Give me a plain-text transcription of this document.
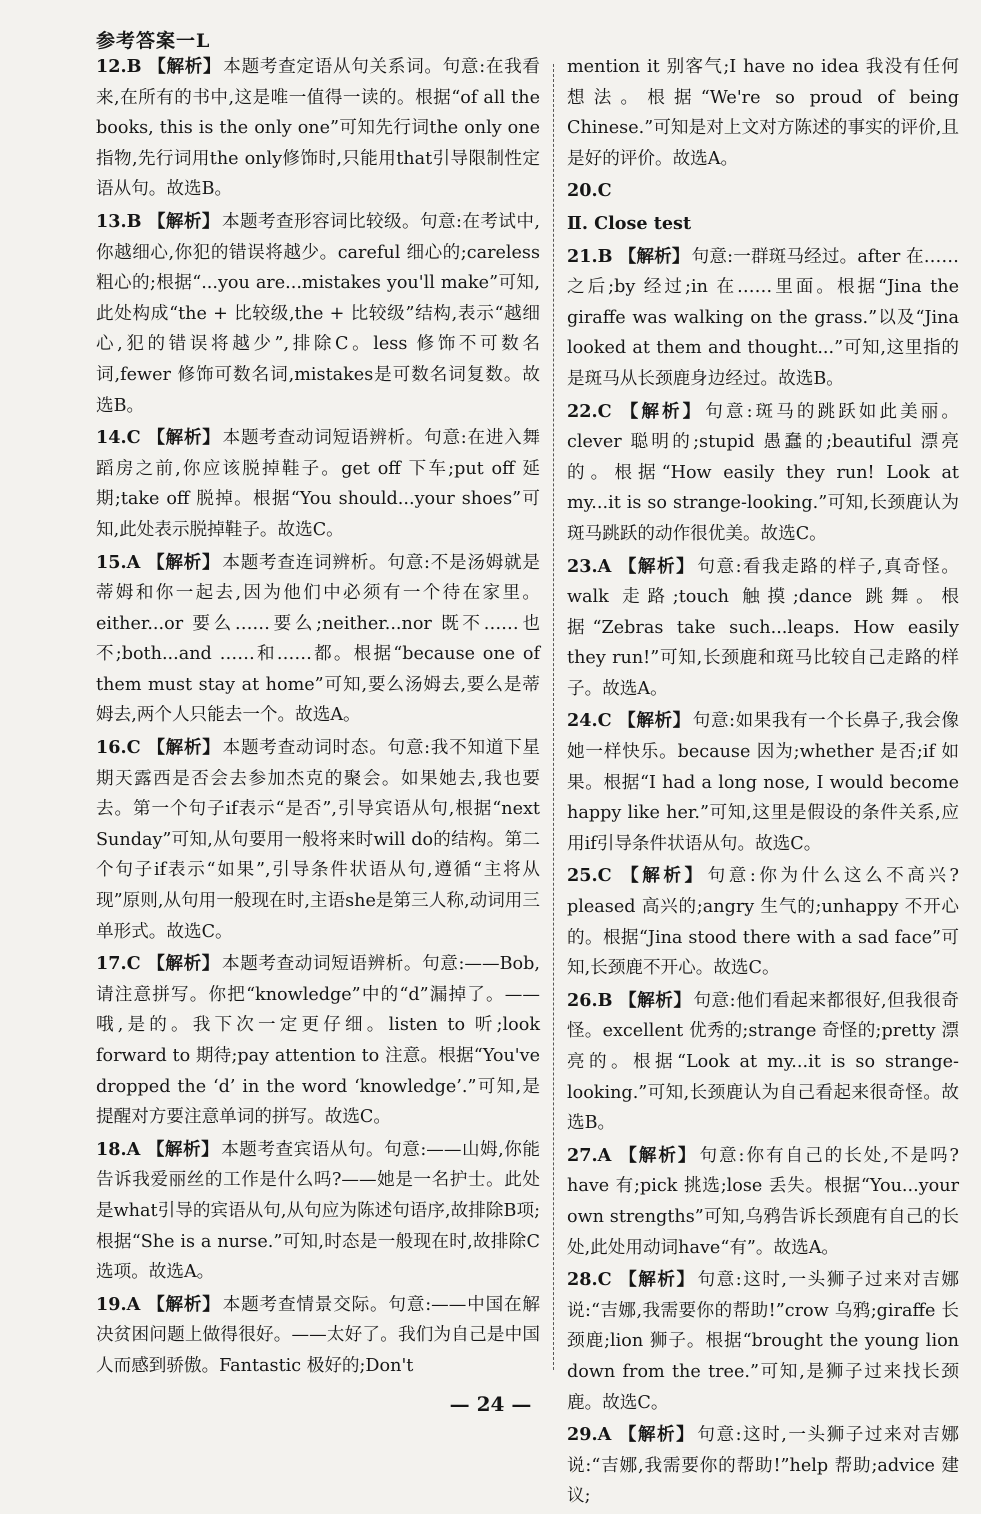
参考答案一L
12.B 【解析】 本题考查定语从句关系词。句意:在我看来,在所有的书中,这是唯一值得一读的。根据“of all the books, this is the only one”可知先行词the only one指物,先行词用the only修饰时,只能用that引导限制性定语从句。故选B。
13.B 【解析】 本题考查形容词比较级。句意:在考试中,你越细心,你犯的错误将越少。careful 细心的;careless 粗心的;根据“...you are...mistakes you'll make”可知,此处构成“the + 比较级,the + 比较级”结构,表示“越细心,犯的错误将越少”,排除C。less 修饰不可数名词,fewer 修饰可数名词,mistakes是可数名词复数。故选B。
14.C 【解析】 本题考查动词短语辨析。句意:在进入舞蹈房之前,你应该脱掉鞋子。get off 下车;put off 延期;take off 脱掉。根据“You should...your shoes”可知,此处表示脱掉鞋子。故选C。
15.A 【解析】 本题考查连词辨析。句意:不是汤姆就是蒂姆和你一起去,因为他们中必须有一个待在家里。either...or 要么……要么;neither...nor 既不……也不;both...and ……和……都。根据“because one of them must stay at home”可知,要么汤姆去,要么是蒂姆去,两个人只能去一个。故选A。
16.C 【解析】 本题考查动词时态。句意:我不知道下星期天露西是否会去参加杰克的聚会。如果她去,我也要去。第一个句子if表示“是否”,引导宾语从句,根据“next Sunday”可知,从句要用一般将来时will do的结构。第二个句子if表示“如果”,引导条件状语从句,遵循“主将从现”原则,从句用一般现在时,主语she是第三人称,动词用三单形式。故选C。
17.C 【解析】 本题考查动词短语辨析。句意:——Bob,请注意拼写。你把“knowledge”中的“d”漏掉了。——哦,是的。我下次一定更仔细。listen to 听;look forward to 期待;pay attention to 注意。根据“You've dropped the ‘d’ in the word ‘knowledge’.”可知,是提醒对方要注意单词的拼写。故选C。
18.A 【解析】 本题考查宾语从句。句意:——山姆,你能告诉我爱丽丝的工作是什么吗?——她是一名护士。此处是what引导的宾语从句,从句应为陈述句语序,故排除B项;根据“She is a nurse.”可知,时态是一般现在时,故排除C选项。故选A。
19.A 【解析】 本题考查情景交际。句意:——中国在解决贫困问题上做得很好。——太好了。我们为自己是中国人而感到骄傲。Fantastic 极好的;Don't
mention it 别客气;I have no idea 我没有任何想法。根据“We're so proud of being Chinese.”可知是对上文对方陈述的事实的评价,且是好的评价。故选A。
20.C
Ⅱ. Close test
21.B 【解析】 句意:一群斑马经过。after 在……之后;by 经过;in 在……里面。根据“Jina the giraffe was walking on the grass.”以及“Jina looked at them and thought...”可知,这里指的是斑马从长颈鹿身边经过。故选B。
22.C 【解析】 句意:斑马的跳跃如此美丽。clever 聪明的;stupid 愚蠢的;beautiful 漂亮的。根据“How easily they run! Look at my...it is so strange-looking.”可知,长颈鹿认为斑马跳跃的动作很优美。故选C。
23.A 【解析】 句意:看我走路的样子,真奇怪。walk 走路;touch 触摸;dance 跳舞。根据“Zebras take such...leaps. How easily they run!”可知,长颈鹿和斑马比较自己走路的样子。故选A。
24.C 【解析】 句意:如果我有一个长鼻子,我会像她一样快乐。because 因为;whether 是否;if 如果。根据“I had a long nose, I would become happy like her.”可知,这里是假设的条件关系,应用if引导条件状语从句。故选C。
25.C 【解析】 句意:你为什么这么不高兴? pleased 高兴的;angry 生气的;unhappy 不开心的。根据“Jina stood there with a sad face”可知,长颈鹿不开心。故选C。
26.B 【解析】 句意:他们看起来都很好,但我很奇怪。excellent 优秀的;strange 奇怪的;pretty 漂亮的。根据“Look at my...it is so strange-looking.”可知,长颈鹿认为自己看起来很奇怪。故选B。
27.A 【解析】 句意:你有自己的长处,不是吗? have 有;pick 挑选;lose 丢失。根据“You...your own strengths”可知,乌鸦告诉长颈鹿有自己的长处,此处用动词have“有”。故选A。
28.C 【解析】 句意:这时,一头狮子过来对吉娜说:“吉娜,我需要你的帮助!”crow 乌鸦;giraffe 长颈鹿;lion 狮子。根据“brought the young lion down from the tree.”可知,是狮子过来找长颈鹿。故选C。
29.A 【解析】 句意:这时,一头狮子过来对吉娜说:“吉娜,我需要你的帮助!”help 帮助;advice 建议;
— 24 —
